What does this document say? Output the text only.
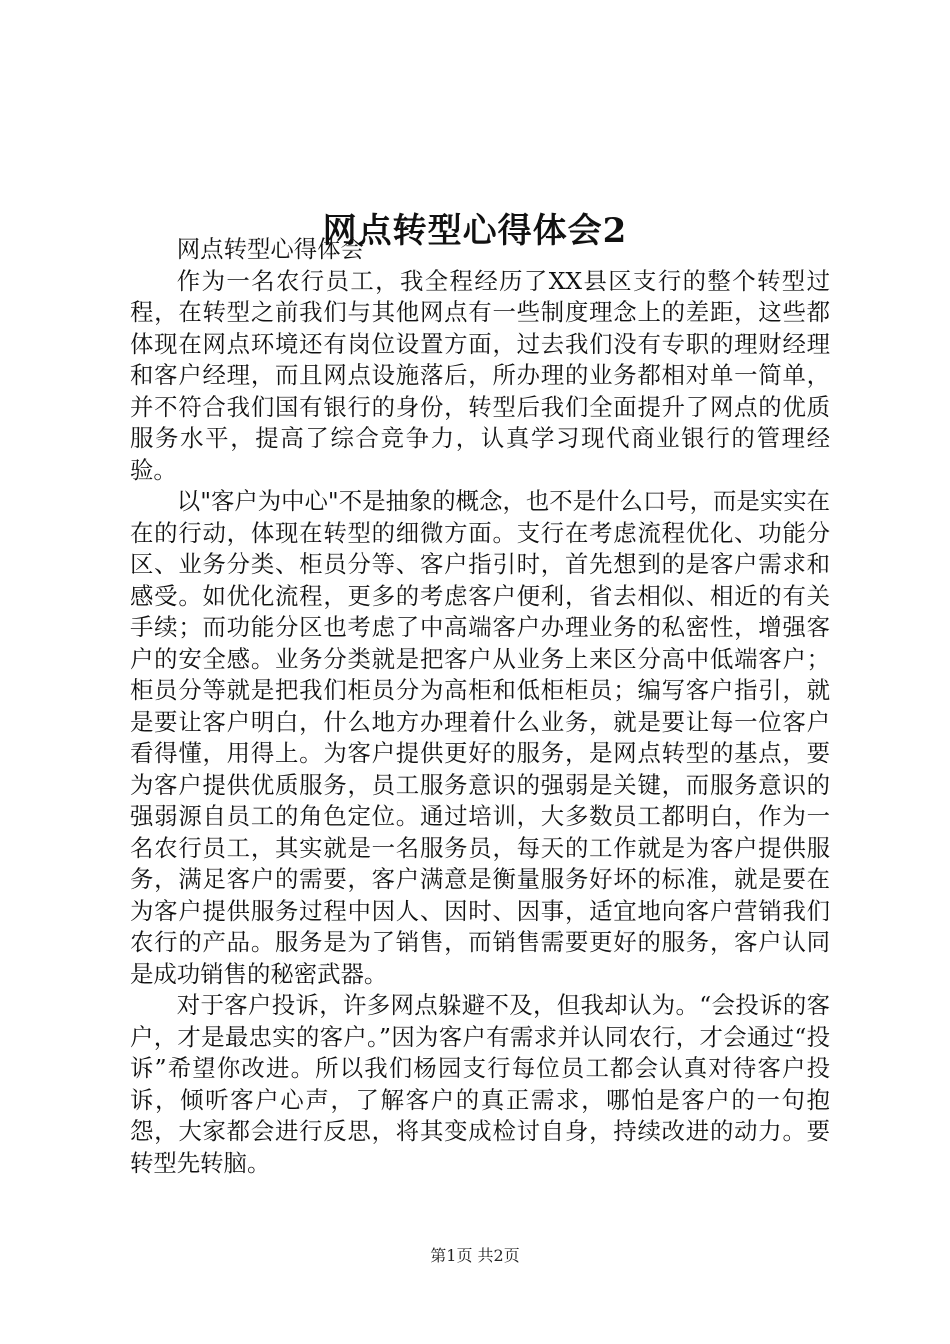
网点转型心得体会2

网点转型心得体会

作为一名农行员工，我全程经历了XX县区支行的整个转型过程，在转型之前我们与其他网点有一些制度理念上的差距，这些都体现在网点环境还有岗位设置方面，过去我们没有专职的理财经理和客户经理，而且网点设施落后，所办理的业务都相对单一简单，并不符合我们国有银行的身份，转型后我们全面提升了网点的优质服务水平，提高了综合竞争力，认真学习现代商业银行的管理经验。

以"客户为中心"不是抽象的概念，也不是什么口号，而是实实在在的行动，体现在转型的细微方面。支行在考虑流程优化、功能分区、业务分类、柜员分等、客户指引时，首先想到的是客户需求和感受。如优化流程，更多的考虑客户便利，省去相似、相近的有关手续；而功能分区也考虑了中高端客户办理业务的私密性，增强客户的安全感。业务分类就是把客户从业务上来区分高中低端客户；柜员分等就是把我们柜员分为高柜和低柜柜员；编写客户指引，就是要让客户明白，什么地方办理着什么业务，就是要让每一位客户看得懂，用得上。为客户提供更好的服务，是网点转型的基点，要为客户提供优质服务，员工服务意识的强弱是关键，而服务意识的强弱源自员工的角色定位。通过培训，大多数员工都明白，作为一名农行员工，其实就是一名服务员，每天的工作就是为客户提供服务，满足客户的需要，客户满意是衡量服务好坏的标准，就是要在为客户提供服务过程中因人、因时、因事，适宜地向客户营销我们农行的产品。服务是为了销售，而销售需要更好的服务，客户认同是成功销售的秘密武器。

对于客户投诉，许多网点躲避不及，但我却认为。“会投诉的客户，才是最忠实的客户。”因为客户有需求并认同农行，才会通过“投诉”希望你改进。所以我们杨园支行每位员工都会认真对待客户投诉，倾听客户心声，了解客户的真正需求，哪怕是客户的一句抱怨，大家都会进行反思，将其变成检讨自身，持续改进的动力。要转型先转脑。

第1页 共2页
